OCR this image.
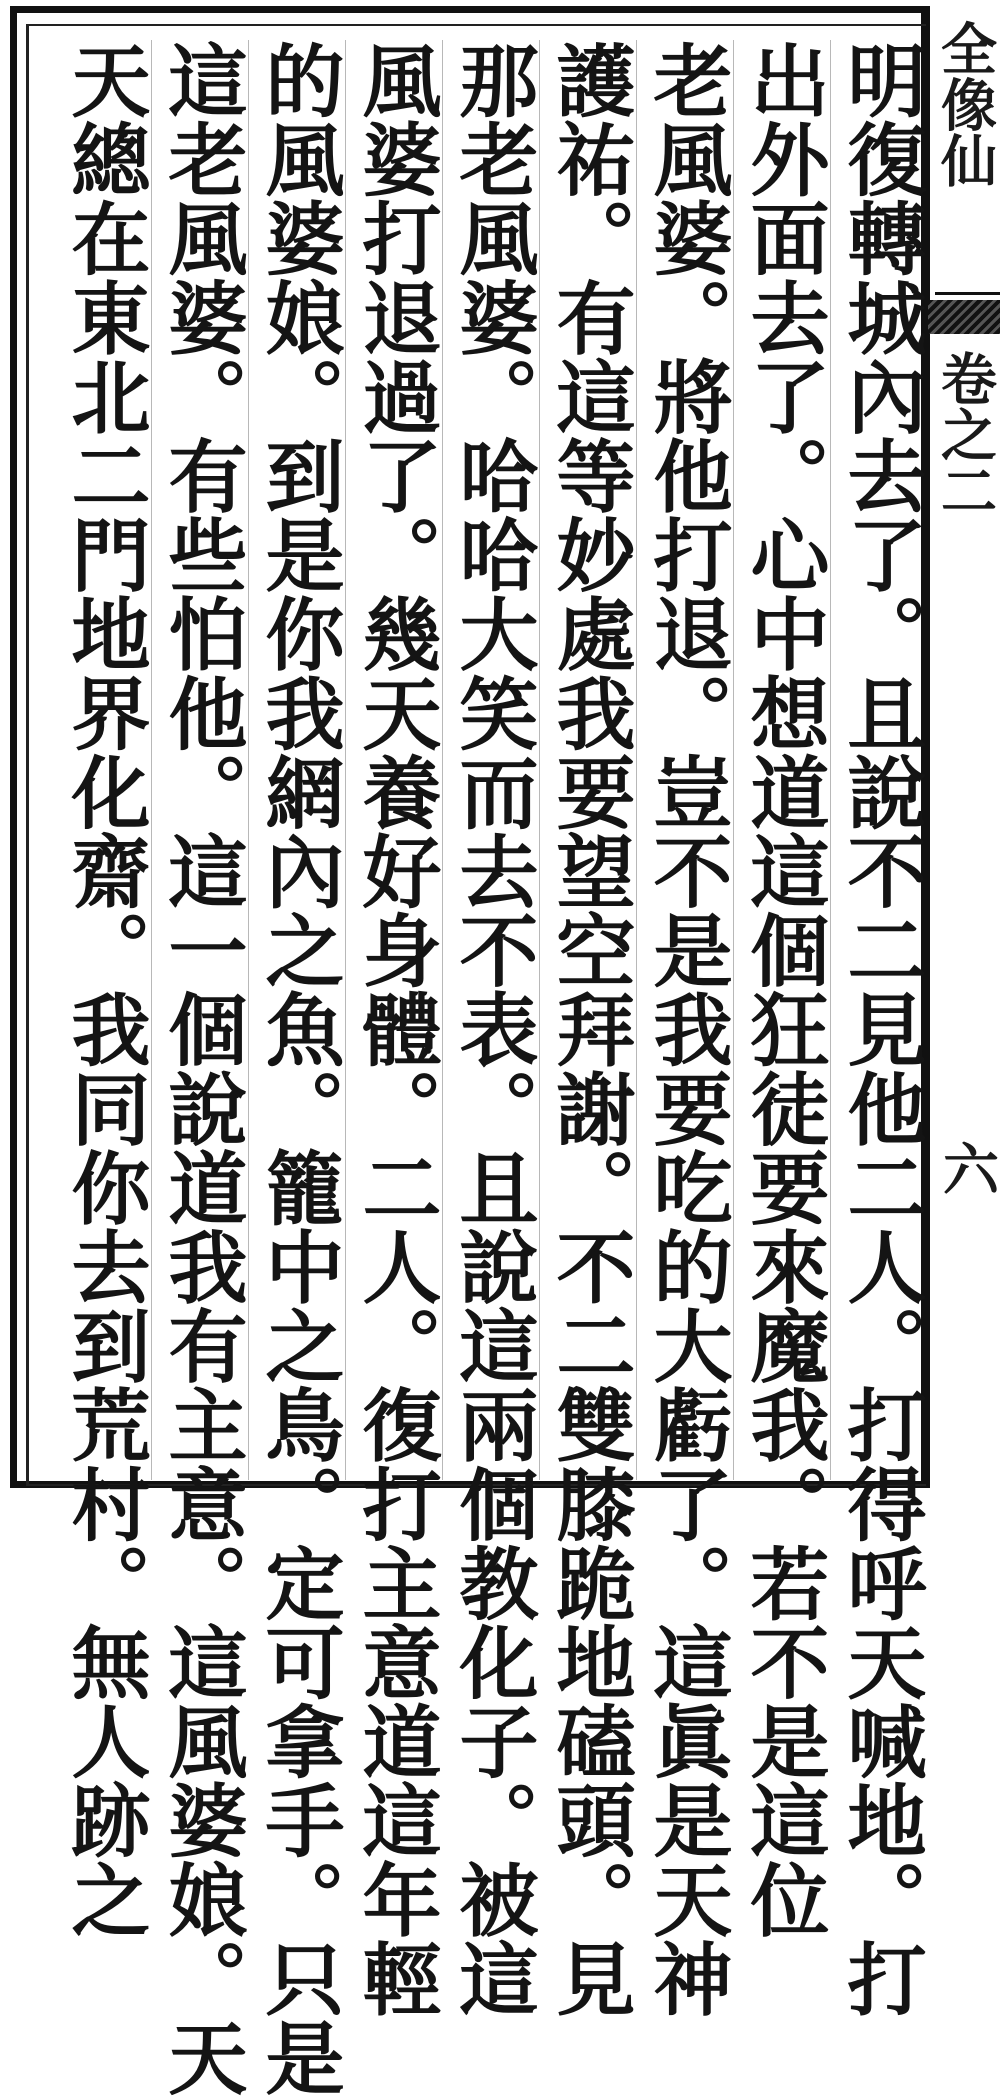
明復轉城內去了。且說不二見他二人。打得呼天喊地。打
出外面去了。心中想道這個狂徒要來魔我。若不是這位
老風婆。將他打退。豈不是我要吃的大虧了。這眞是天神
護祐。有這等妙處我要望空拜謝。不二雙膝跪地磕頭。見
那老風婆。哈哈大笑而去不表。且說這兩個教化子。被這
風婆打退過了。幾天養好身體。二人。復打主意道這年輕
的風婆娘。到是你我網內之魚。籠中之鳥。定可拿手。只是
這老風婆。有些怕他。這一個說道我有主意。這風婆娘。天
天總在東北二門地界化齋。我同你去到荒村。無人跡之	全像仙
卷之二
六
